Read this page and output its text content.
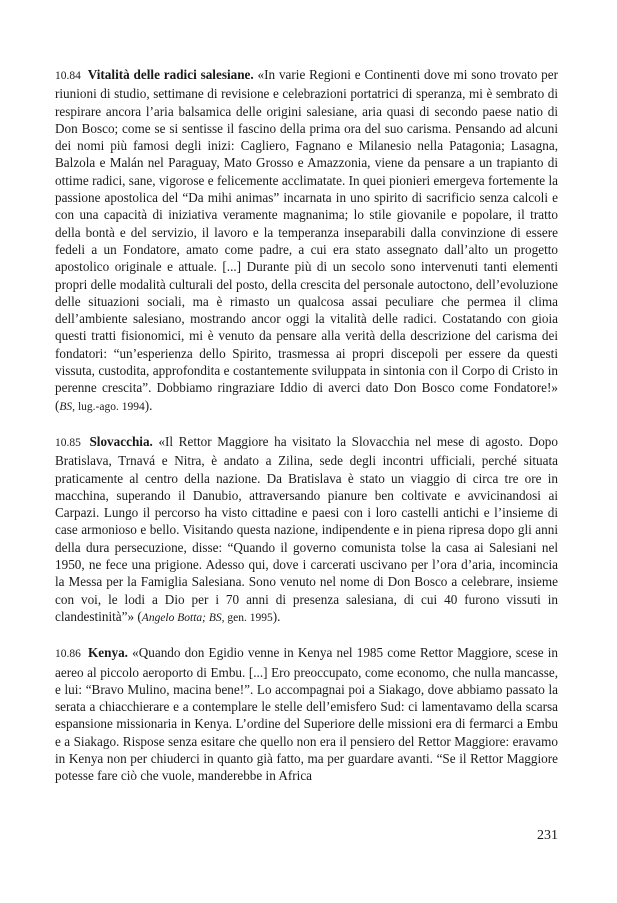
10.84 Vitalità delle radici salesiane. «In varie Regioni e Continenti dove mi sono trovato per riunioni di studio, settimane di revisione e celebrazioni portatrici di speranza, mi è sembrato di respirare ancora l’aria balsamica delle origini salesiane, aria quasi di secondo paese natio di Don Bosco; come se si sentisse il fascino della prima ora del suo carisma. Pensando ad alcuni dei nomi più famosi degli inizi: Cagliero, Fagnano e Milanesio nella Patagonia; Lasagna, Balzola e Malán nel Paraguay, Mato Grosso e Amazzonia, viene da pensare a un trapianto di ottime radici, sane, vigorose e felicemente acclimatate. In quei pionieri emergeva fortemente la passione apostolica del “Da mihi animas” incarnata in uno spirito di sacrificio senza calcoli e con una capacità di iniziativa veramente magnanima; lo stile giovanile e popolare, il tratto della bontà e del servizio, il lavoro e la temperanza inseparabili dalla convinzione di essere fedeli a un Fondatore, amato come padre, a cui era stato assegnato dall’alto un progetto apostolico originale e attuale. [...] Durante più di un secolo sono intervenuti tanti elementi propri delle modalità culturali del posto, della crescita del personale autoctono, dell’evoluzione delle situazioni sociali, ma è rimasto un qualcosa assai peculiare che permea il clima dell’ambiente salesiano, mostrando ancor oggi la vitalità delle radici. Costatando con gioia questi tratti fisionomici, mi è venuto da pensare alla verità della descrizione del carisma dei fondatori: “un’esperienza dello Spirito, trasmessa ai propri discepoli per essere da questi vissuta, custodita, approfondita e costantemente sviluppata in sintonia con il Corpo di Cristo in perenne crescita”. Dobbiamo ringraziare Iddio di averci dato Don Bosco come Fondatore!» (BS, lug.-ago. 1994).

10.85 Slovacchia. «Il Rettor Maggiore ha visitato la Slovacchia nel mese di agosto. Dopo Bratislava, Trnavá e Nitra, è andato a Zilina, sede degli incontri ufficiali, perché situata praticamente al centro della nazione. Da Bratislava è stato un viaggio di circa tre ore in macchina, superando il Danubio, attraversando pianure ben coltivate e avvicinandosi ai Carpazi. Lungo il percorso ha visto cittadine e paesi con i loro castelli antichi e l’insieme di case armonioso e bello. Visitando questa nazione, indipendente e in piena ripresa dopo gli anni della dura persecuzione, disse: “Quando il governo comunista tolse la casa ai Salesiani nel 1950, ne fece una prigione. Adesso qui, dove i carcerati uscivano per l’ora d’aria, incomincia la Messa per la Famiglia Salesiana. Sono venuto nel nome di Don Bosco a celebrare, insieme con voi, le lodi a Dio per i 70 anni di presenza salesiana, di cui 40 furono vissuti in clandestinità”» (Angelo Botta; BS, gen. 1995).

10.86 Kenya. «Quando don Egidio venne in Kenya nel 1985 come Rettor Maggiore, scese in aereo al piccolo aeroporto di Embu. [...] Ero preoccupato, come economo, che nulla mancasse, e lui: “Bravo Mulino, macina bene!”. Lo accompagnai poi a Siakago, dove abbiamo passato la serata a chiacchierare e a contemplare le stelle dell’emisfero Sud: ci lamentavamo della scarsa espansione missionaria in Kenya. L’ordine del Superiore delle missioni era di fermarci a Embu e a Siakago. Rispose senza esitare che quello non era il pensiero del Rettor Maggiore: eravamo in Kenya non per chiuderci in quanto già fatto, ma per guardare avanti. “Se il Rettor Maggiore potesse fare ciò che vuole, manderebbe in Africa

231
